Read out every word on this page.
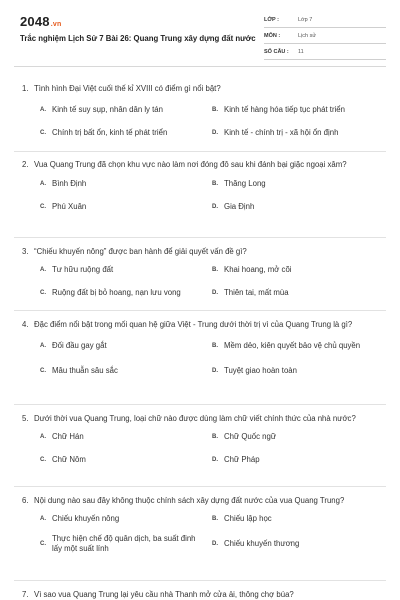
2048.vn
Trắc nghiệm Lịch Sử 7 Bài 26: Quang Trung xây dựng đất nước
LỚP :	Lớp 7
MÔN :	Lịch sử
SỐ CÂU : 11
1. Tình hình Đại Việt cuối thế kỉ XVIII có điểm gì nổi bật?
A. Kinh tế suy sụp, nhân dân ly tán	B. Kinh tế hàng hóa tiếp tục phát triển
C. Chính trị bất ổn, kinh tế phát triển	D. Kinh tế - chính trị - xã hội ổn định
2. Vua Quang Trung đã chọn khu vực nào làm nơi đóng đô sau khi đánh bại giặc ngoại xâm?
A. Bình Định	B. Thăng Long
C. Phú Xuân	D. Gia Định
3. “Chiếu khuyến nông” được ban hành để giải quyết vấn đề gì?
A. Tư hữu ruộng đất	B. Khai hoang, mở cõi
C. Ruộng đất bị bỏ hoang, nạn lưu vong	D. Thiên tai, mất mùa
4. Đặc điểm nổi bật trong mối quan hệ giữa Việt - Trung dưới thời trị vì của Quang Trung là gì?
A. Đối đầu gay gắt	B. Mềm dẻo, kiên quyết bảo vệ chủ quyền
C. Mâu thuẫn sâu sắc	D. Tuyệt giao hoàn toàn
5. Dưới thời vua Quang Trung, loại chữ nào được dùng làm chữ viết chính thức của nhà nước?
A. Chữ Hán	B. Chữ Quốc ngữ
C. Chữ Nôm	D. Chữ Pháp
6. Nội dung nào sau đây không thuộc chính sách xây dựng đất nước của vua Quang Trung?
A. Chiếu khuyến nông	B. Chiếu lập học
C.
Thực hiện chế độ quân dịch, ba suất đinh lấy một suất lính	D. Chiếu khuyến thương
7. Vì sao vua Quang Trung lại yêu cầu nhà Thanh mở cửa ải, thông chợ búa?
